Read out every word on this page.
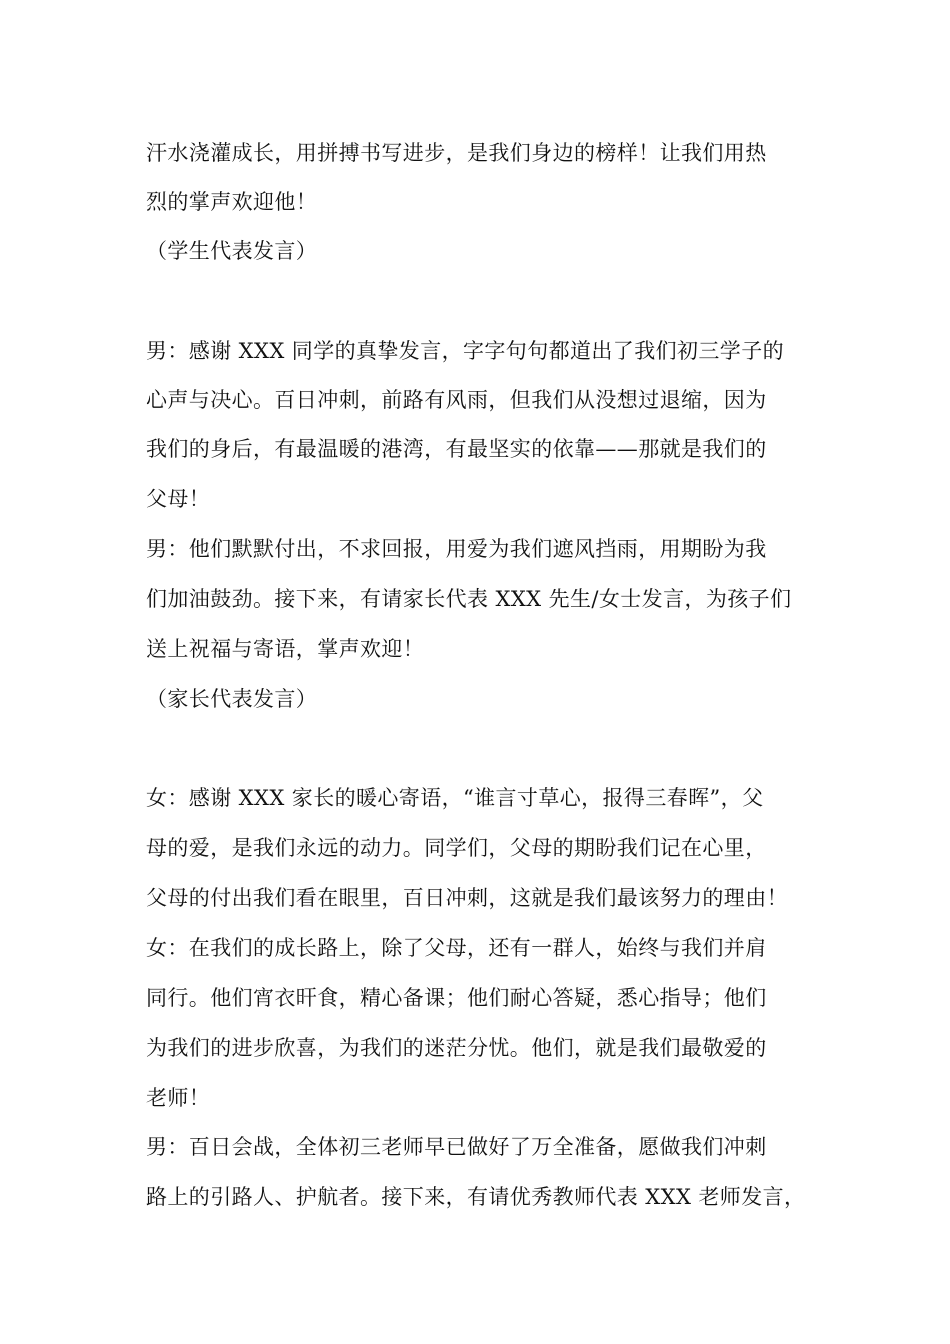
汗水浇灌成长，用拼搏书写进步，是我们身边的榜样！让我们用热
烈的掌声欢迎他！
（学生代表发言）
男：感谢 XXX 同学的真挚发言，字字句句都道出了我们初三学子的
心声与决心。百日冲刺，前路有风雨，但我们从没想过退缩，因为
我们的身后，有最温暖的港湾，有最坚实的依靠——那就是我们的
父母！
男：他们默默付出，不求回报，用爱为我们遮风挡雨，用期盼为我
们加油鼓劲。接下来，有请家长代表 XXX 先生/女士发言，为孩子们
送上祝福与寄语，掌声欢迎！
（家长代表发言）
女：感谢 XXX 家长的暖心寄语，“谁言寸草心，报得三春晖”，父
母的爱，是我们永远的动力。同学们，父母的期盼我们记在心里，
父母的付出我们看在眼里，百日冲刺，这就是我们最该努力的理由！
女：在我们的成长路上，除了父母，还有一群人，始终与我们并肩
同行。他们宵衣旰食，精心备课；他们耐心答疑，悉心指导；他们
为我们的进步欣喜，为我们的迷茫分忧。他们，就是我们最敬爱的
老师！
男：百日会战，全体初三老师早已做好了万全准备，愿做我们冲刺
路上的引路人、护航者。接下来，有请优秀教师代表 XXX 老师发言，
